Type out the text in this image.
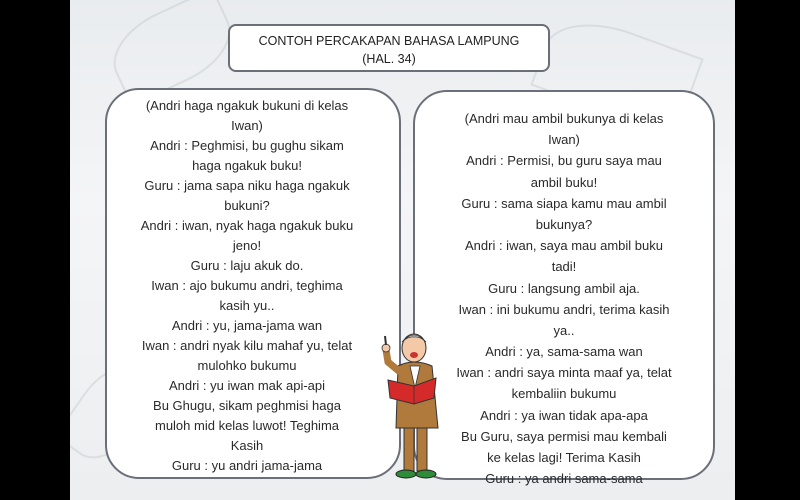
CONTOH PERCAKAPAN BAHASA LAMPUNG
(HAL. 34)
(Andri haga ngakuk bukuni di kelas
Iwan)
Andri : Peghmisi, bu gughu sikam
haga ngakuk buku!
Guru : jama sapa niku haga ngakuk
bukuni?
Andri : iwan, nyak haga ngakuk buku
jeno!
Guru : laju akuk do.
Iwan : ajo bukumu andri, teghima
kasih yu..
Andri : yu, jama-jama wan
Iwan : andri nyak kilu mahaf yu, telat
mulohko bukumu
Andri : yu iwan mak api-api
Bu Ghugu, sikam peghmisi haga
muloh mid kelas luwot! Teghima
Kasih
Guru : yu andri jama-jama
(Andri mau ambil bukunya di kelas
Iwan)
Andri : Permisi, bu guru saya mau
ambil buku!
Guru : sama siapa kamu mau ambil
bukunya?
Andri : iwan, saya mau ambil buku
tadi!
Guru : langsung ambil aja.
Iwan : ini bukumu andri, terima kasih
ya..
Andri : ya, sama-sama wan
Iwan : andri saya minta maaf ya, telat
kembaliin bukumu
Andri : ya iwan tidak apa-apa
Bu Guru, saya permisi mau kembali
ke kelas lagi! Terima Kasih
Guru : ya andri sama-sama
